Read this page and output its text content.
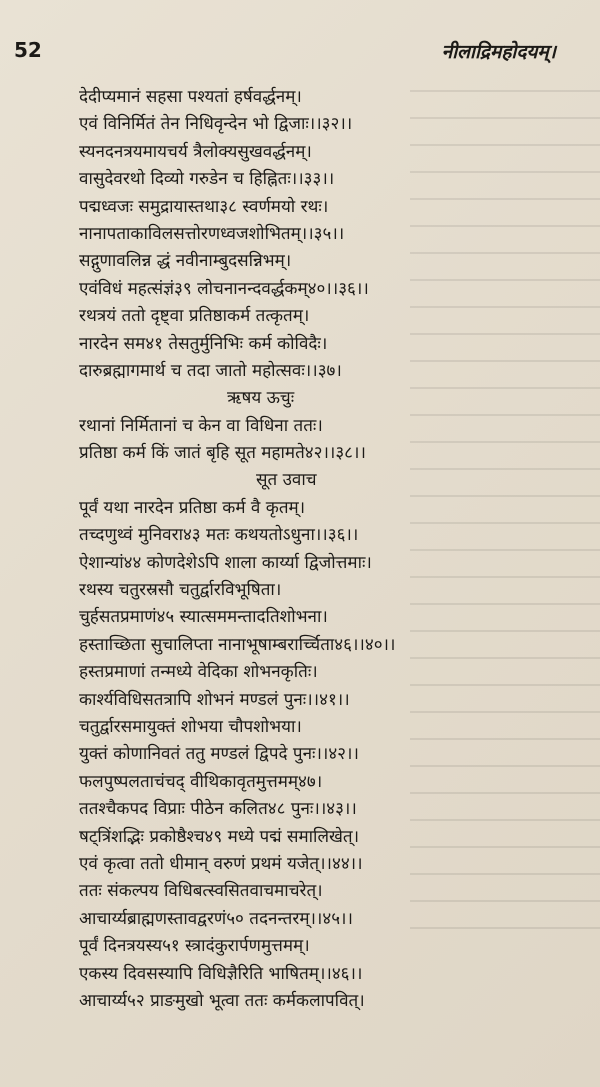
52	नीलाद्रिमहोदयम्।
देदीप्यमानं सहसा पश्यतां हर्षवर्द्धनम्।
एवं विनिर्मितं तेन निधिवृन्देन भो द्विजाः।।३२।।
स्यनदनत्रयमायचर्य त्रैलोक्यसुखवर्द्धनम्।
वासुदेवरथो दिव्यो गरुडेन च हिह्नितः।।३३।।
पद्मध्वजः समुद्रायास्तथा३८ स्वर्णमयो रथः।
नानापताकाविलसत्तोरणध्वजशोभितम्।।३५।।
सद्गुणावलिन्न द्धं नवीनाम्बुदसन्निभम्।
एवंविधं महत्संज्ञं३९ लोचनानन्दवर्द्धकम्४०।।३६।।
रथत्रयं ततो दृष्ट्वा प्रतिष्ठाकर्म तत्कृतम्।
नारदेन सम४१ तेसतुर्मुनिभिः कर्म कोविदैः।
दारुब्रह्मागमार्थ च तदा जातो महोत्सवः।।३७।
ऋषय ऊचुः
रथानां निर्मितानां च केन वा विधिना ततः।
प्रतिष्ठा कर्म किं जातं बृहि सूत महामते४२।।३८।।
सूत उवाच
पूर्वं यथा नारदेन प्रतिष्ठा कर्म वै कृतम्।
तच्दणुथ्वं मुनिवरा४३ मतः कथयतोऽधुना।।३६।।
ऐशान्यां४४ कोणदेशेऽपि शाला कार्य्या द्विजोत्तमाः।
रथस्य चतुरस्रसौ चतुर्द्वारविभूषिता।
चुर्हसतप्रमाणं४५ स्यात्सममन्तादतिशोभना।
हस्ताच्छिता सुचालिप्ता नानाभूषाम्बरार्च्चिता४६।।४०।।
हस्तप्रमाणां तन्मध्ये वेदिका शोभनकृतिः।
कार्श्यविधिसतत्रापि शोभनं मण्डलं पुनः।।४१।।
चतुर्द्वारसमायुक्तं शोभया चौपशोभया।
युक्तं कोणानिवतं ततु मण्डलं द्विपदे पुनः।।४२।।
फलपुष्पलताचंचद् वीथिकावृतमुत्तमम्४७।
ततश्चैकपद विप्राः पीठेन कलित४८ पुनः।।४३।।
षट्त्रिंशद्भिः प्रकोष्ठैश्च४९ मध्ये पद्मं समालिखेत्।
एवं कृत्वा ततो धीमान् वरुणं प्रथमं यजेत्।।४४।।
ततः संकल्पय विधिबत्स्वसितवाचमाचरेत्।
आचार्य्यब्राह्मणस्तावद्वरणं५० तदनन्तरम्।।४५।।
पूर्वं दिनत्रयस्य५१ स्त्रादंकुरार्पणमुत्तमम्।
एकस्य दिवसस्यापि विधिज्ञैरिति भाषितम्।।४६।।
आचार्य्य५२ प्राङमुखो भूत्वा ततः कर्मकलापवित्।
